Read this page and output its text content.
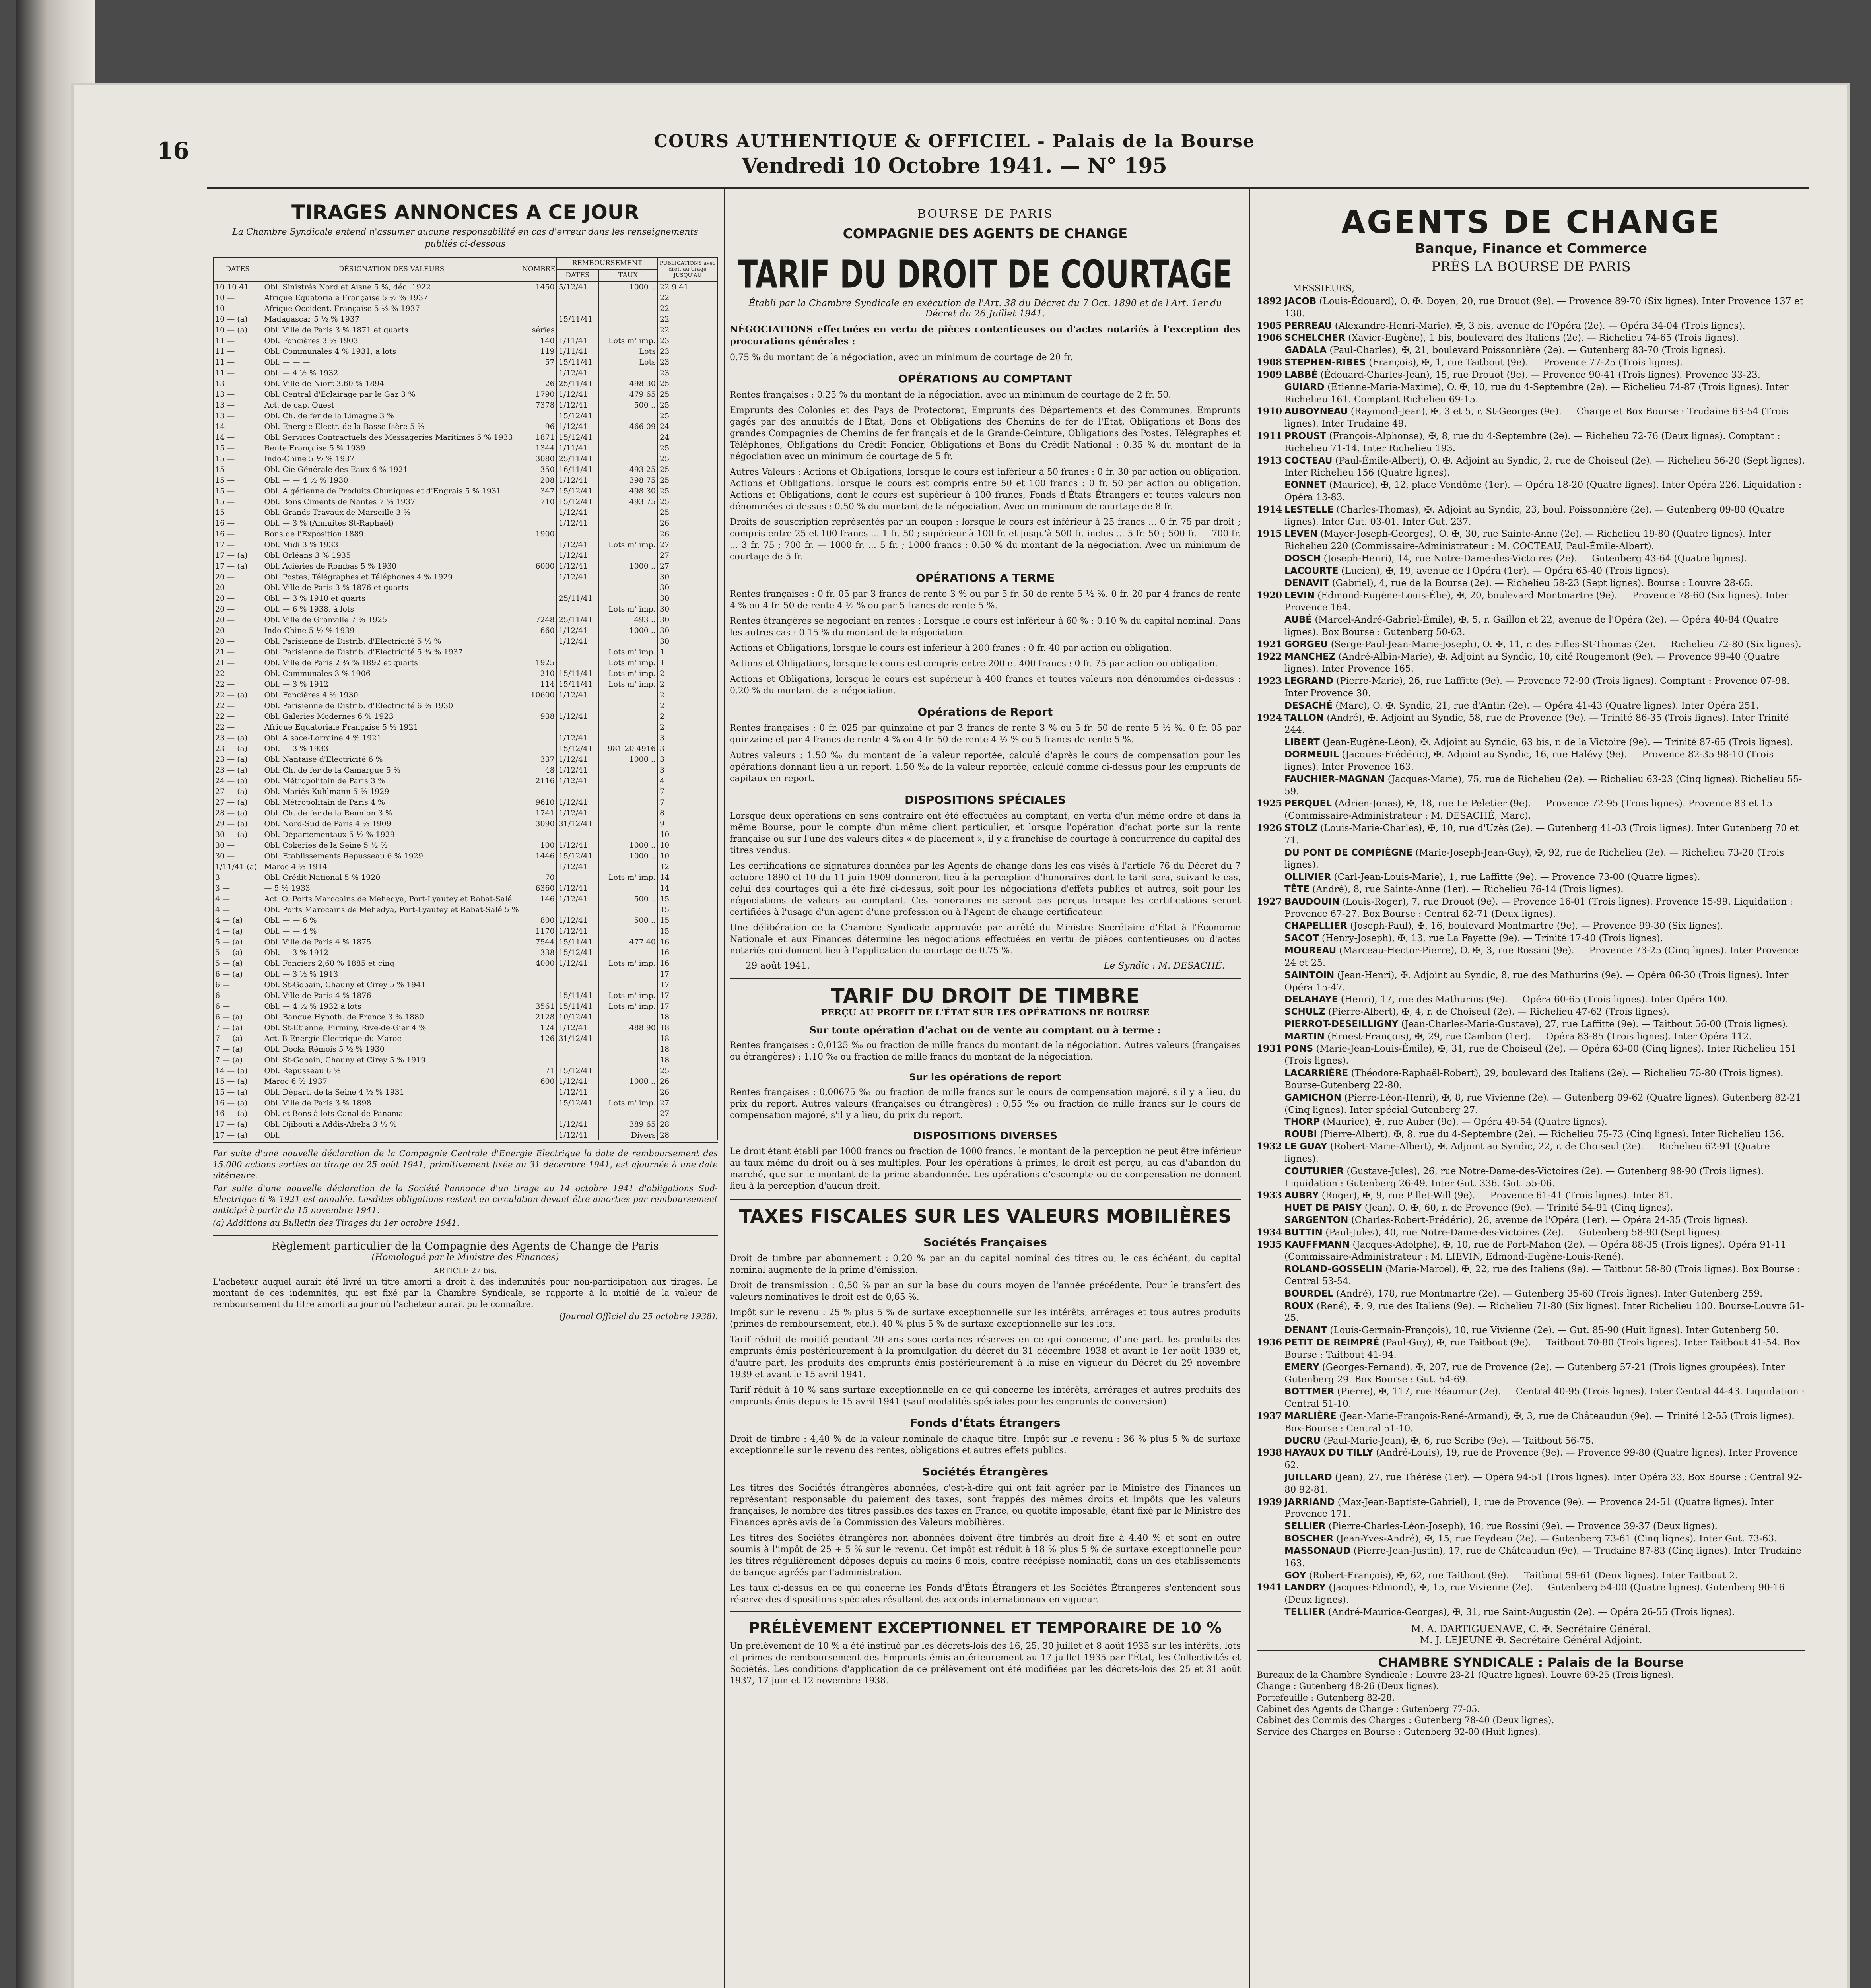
16	COURS AUTHENTIQUE & OFFICIEL - Palais de la Bourse
Vendredi 10 Octobre 1941. — N° 195
TIRAGES ANNONCES A CE JOUR
La Chambre Syndicale entend n'assumer aucune responsabilité en cas d'erreur dans les renseignements publiés ci-dessous
DATES	DÉSIGNATION DES VALEURS	NOMBRE	REMBOURSEMENT		PUBLICATIONS avec droit au tirage JUSQU'AU
			DATES	TAUX	
10 10 41	Obl. Sinistrés Nord et Aisne 5 %, déc. 1922	1450	5/12/41	1000 ..	22 9 41
10 —	Afrique Equatoriale Française 5 ½ % 1937				22
10 —	Afrique Occident. Française 5 ½ % 1937				22
10 — (a)	Madagascar 5 ½ % 1937		15/11/41		22
10 — (a)	Obl. Ville de Paris 3 % 1871 et quarts	séries			22
11 —	Obl. Foncières 3 % 1903	140	1/11/41	Lots m' imp.	23
11 —	Obl. Communales 4 % 1931, à lots	119	1/11/41	Lots	23
11 —	Obl. — — —	57	15/11/41	Lots	23
11 —	Obl. — 4 ½ % 1932		1/12/41		23
13 —	Obl. Ville de Niort 3.60 % 1894	26	25/11/41	498 30	25
13 —	Obl. Central d'Eclairage par le Gaz 3 %	1790	1/12/41	479 65	25
13 —	Act. de cap. Ouest	7378	1/12/41	500 ..	25
13 —	Obl. Ch. de fer de la Limagne 3 %		15/12/41		25
14 —	Obl. Energie Electr. de la Basse-Isère 5 %	96	1/12/41	466 09	24
14 —	Obl. Services Contractuels des Messageries Maritimes 5 % 1933	1871	15/12/41		24
15 —	Rente Française 5 % 1939	1344	1/11/41		25
15 —	Indo-Chine 5 ½ % 1937	3080	25/11/41		25
15 —	Obl. Cie Générale des Eaux 6 % 1921	350	16/11/41	493 25	25
15 —	Obl. — — 4 ½ % 1930	208	1/12/41	398 75	25
15 —	Obl. Algérienne de Produits Chimiques et d'Engrais 5 % 1931	347	15/12/41	498 30	25
15 —	Obl. Bons Ciments de Nantes 7 % 1937	710	15/12/41	493 75	25
15 —	Obl. Grands Travaux de Marseille 3 %		1/12/41		25
16 —	Obl. — 3 % (Annuités St-Raphaël)		1/12/41		26
16 —	Bons de l'Exposition 1889	1900			26
17 —	Obl. Midi 3 % 1933		1/12/41	Lots m' imp.	27
17 — (a)	Obl. Orléans 3 % 1935		1/12/41		27
17 — (a)	Obl. Aciéries de Rombas 5 % 1930	6000	1/12/41	1000 ..	27
20 —	Obl. Postes, Télégraphes et Téléphones 4 % 1929		1/12/41		30
20 —	Obl. Ville de Paris 3 % 1876 et quarts				30
20 —	Obl. — 3 % 1910 et quarts		25/11/41		30
20 —	Obl. — 6 % 1938, à lots			Lots m' imp.	30
20 —	Obl. Ville de Granville 7 % 1925	7248	25/11/41	493 ..	30
20 —	Indo-Chine 5 ½ % 1939	660	1/12/41	1000 ..	30
20 —	Obl. Parisienne de Distrib. d'Electricité 5 ½ %		1/12/41		30
21 —	Obl. Parisienne de Distrib. d'Electricité 5 ¾ % 1937			Lots m' imp.	1
21 —	Obl. Ville de Paris 2 ¾ % 1892 et quarts	1925		Lots m' imp.	1
22 —	Obl. Communales 3 % 1906	210	15/11/41	Lots m' imp.	2
22 —	Obl. — 3 % 1912	114	15/11/41	Lots m' imp.	2
22 — (a)	Obl. Foncières 4 % 1930	10600	1/12/41		2
22 —	Obl. Parisienne de Distrib. d'Electricité 6 % 1930				2
22 —	Obl. Galeries Modernes 6 % 1923	938	1/12/41		2
22 —	Afrique Equatoriale Française 5 % 1921				2
23 — (a)	Obl. Alsace-Lorraine 4 % 1921		1/12/41		3
23 — (a)	Obl. — 3 % 1933		15/12/41	981 20 4916	3
23 — (a)	Obl. Nantaise d'Electricité 6 %	337	1/12/41	1000 ..	3
23 — (a)	Obl. Ch. de fer de la Camargue 5 %	48	1/12/41		3
24 — (a)	Obl. Métropolitain de Paris 3 %	2116	1/12/41		4
27 — (a)	Obl. Mariés-Kuhlmann 5 % 1929				7
27 — (a)	Obl. Métropolitain de Paris 4 %	9610	1/12/41		7
28 — (a)	Obl. Ch. de fer de la Réunion 3 %	1741	1/12/41		8
29 — (a)	Obl. Nord-Sud de Paris 4 % 1909	3090	31/12/41		9
30 — (a)	Obl. Départementaux 5 ½ % 1929				10
30 —	Obl. Cokeries de la Seine 5 ½ %	100	1/12/41	1000 ..	10
30 —	Obl. Etablissements Repusseau 6 % 1929	1446	15/12/41	1000 ..	10
1/11/41 (a)	Maroc 4 % 1914		1/12/41		12
3 —	Obl. Crédit National 5 % 1920	70		Lots m' imp.	14
3 —	— 5 % 1933	6360	1/12/41		14
4 —	Act. O. Ports Marocains de Mehedya, Port-Lyautey et Rabat-Salé	146	1/12/41	500 ..	15
4 —	Obl. Ports Marocains de Mehedya, Port-Lyautey et Rabat-Salé 5 %				15
4 — (a)	Obl. — — 6 %	800	1/12/41	500 ..	15
4 — (a)	Obl. — — 4 %	1170	1/12/41		15
5 — (a)	Obl. Ville de Paris 4 % 1875	7544	15/11/41	477 40	16
5 — (a)	Obl. — 3 % 1912	338	15/12/41		16
5 — (a)	Obl. Fonciers 2,60 % 1885 et cinq	4000	1/12/41	Lots m' imp.	16
6 — (a)	Obl. — 3 ½ % 1913				17
6 —	Obl. St-Gobain, Chauny et Cirey 5 % 1941				17
6 —	Obl. Ville de Paris 4 % 1876		15/11/41	Lots m' imp.	17
6 —	Obl. — 4 ½ % 1932 à lots	3561	15/11/41	Lots m' imp.	17
6 — (a)	Obl. Banque Hypoth. de France 3 % 1880	2128	10/12/41		18
7 — (a)	Obl. St-Etienne, Firminy, Rive-de-Gier 4 %	124	1/12/41	488 90	18
7 — (a)	Act. B Energie Electrique du Maroc	126	31/12/41		18
7 — (a)	Obl. Docks Rémois 5 ½ % 1930				18
7 — (a)	Obl. St-Gobain, Chauny et Cirey 5 % 1919				18
14 — (a)	Obl. Repusseau 6 %	71	15/12/41		25
15 — (a)	Maroc 6 % 1937	600	1/12/41	1000 ..	26
15 — (a)	Obl. Départ. de la Seine 4 ½ % 1931		1/12/41		26
16 — (a)	Obl. Ville de Paris 3 % 1898		15/12/41	Lots m' imp.	27
16 — (a)	Obl. et Bons à lots Canal de Panama				27
17 — (a)	Obl. Djibouti à Addis-Abeba 3 ½ %		1/12/41	389 65	28
17 — (a)	Obl.		1/12/41	Divers	28
Par suite d'une nouvelle déclaration de la Compagnie Centrale d'Energie Electrique la date de remboursement des 15.000 actions sorties au tirage du 25 août 1941, primitivement fixée au 31 décembre 1941, est ajournée à une date ultérieure.
Par suite d'une nouvelle déclaration de la Société l'annonce d'un tirage au 14 octobre 1941 d'obligations Sud-Electrique 6 % 1921 est annulée. Lesdites obligations restant en circulation devant être amorties par remboursement anticipé à partir du 15 novembre 1941.
(a) Additions au Bulletin des Tirages du 1er octobre 1941.
Règlement particulier de la Compagnie des Agents de Change de Paris
(Homologué par le Ministre des Finances)
ARTICLE 27 bis.
L'acheteur auquel aurait été livré un titre amorti a droit à des indemnités pour non-participation aux tirages. Le montant de ces indemnités, qui est fixé par la Chambre Syndicale, se rapporte à la moitié de la valeur de remboursement du titre amorti au jour où l'acheteur aurait pu le connaître.
(Journal Officiel du 25 octobre 1938).
BOURSE DE PARIS
COMPAGNIE DES AGENTS DE CHANGE
TARIF DU DROIT DE COURTAGE
Établi par la Chambre Syndicale en exécution de l'Art. 38 du Décret du 7 Oct. 1890 et de l'Art. 1er du Décret du 26 Juillet 1941.
NÉGOCIATIONS effectuées en vertu de pièces contentieuses ou d'actes notariés à l'exception des procurations générales :
0.75 % du montant de la négociation, avec un minimum de courtage de 20 fr.
OPÉRATIONS AU COMPTANT
Rentes françaises : 0.25 % du montant de la négociation, avec un minimum de courtage de 2 fr. 50.
Emprunts des Colonies et des Pays de Protectorat, Emprunts des Départements et des Communes, Emprunts gagés par des annuités de l'État, Bons et Obligations des Chemins de fer de l'État, Obligations et Bons des grandes Compagnies de Chemins de fer français et de la Grande-Ceinture, Obligations des Postes, Télégraphes et Téléphones, Obligations du Crédit Foncier, Obligations et Bons du Crédit National : 0.35 % du montant de la négociation avec un minimum de courtage de 5 fr.
Autres Valeurs : Actions et Obligations, lorsque le cours est inférieur à 50 francs : 0 fr. 30 par action ou obligation. Actions et Obligations, lorsque le cours est compris entre 50 et 100 francs : 0 fr. 50 par action ou obligation. Actions et Obligations, dont le cours est supérieur à 100 francs, Fonds d'États Étrangers et toutes valeurs non dénommées ci-dessus : 0.50 % du montant de la négociation. Avec un minimum de courtage de 8 fr.
Droits de souscription représentés par un coupon : lorsque le cours est inférieur à 25 francs ... 0 fr. 75 par droit ; compris entre 25 et 100 francs ... 1 fr. 50 ; supérieur à 100 fr. et jusqu'à 500 fr. inclus ... 5 fr. 50 ; 500 fr. — 700 fr. ... 3 fr. 75 ; 700 fr. — 1000 fr. ... 5 fr. ; 1000 francs : 0.50 % du montant de la négociation. Avec un minimum de courtage de 5 fr.
OPÉRATIONS A TERME
Rentes françaises : 0 fr. 05 par 3 francs de rente 3 % ou par 5 fr. 50 de rente 5 ½ %. 0 fr. 20 par 4 francs de rente 4 % ou 4 fr. 50 de rente 4 ½ % ou par 5 francs de rente 5 %.
Rentes étrangères se négociant en rentes : Lorsque le cours est inférieur à 60 % : 0.10 % du capital nominal. Dans les autres cas : 0.15 % du montant de la négociation.
Actions et Obligations, lorsque le cours est inférieur à 200 francs : 0 fr. 40 par action ou obligation.
Actions et Obligations, lorsque le cours est compris entre 200 et 400 francs : 0 fr. 75 par action ou obligation.
Actions et Obligations, lorsque le cours est supérieur à 400 francs et toutes valeurs non dénommées ci-dessus : 0.20 % du montant de la négociation.
Opérations de Report
Rentes françaises : 0 fr. 025 par quinzaine et par 3 francs de rente 3 % ou 5 fr. 50 de rente 5 ½ %. 0 fr. 05 par quinzaine et par 4 francs de rente 4 % ou 4 fr. 50 de rente 4 ½ % ou 5 francs de rente 5 %.
Autres valeurs : 1.50 ‰ du montant de la valeur reportée, calculé d'après le cours de compensation pour les opérations donnant lieu à un report. 1.50 ‰ de la valeur reportée, calculé comme ci-dessus pour les emprunts de capitaux en report.
DISPOSITIONS SPÉCIALES
Lorsque deux opérations en sens contraire ont été effectuées au comptant, en vertu d'un même ordre et dans la même Bourse, pour le compte d'un même client particulier, et lorsque l'opération d'achat porte sur la rente française ou sur l'une des valeurs dites « de placement », il y a franchise de courtage à concurrence du capital des titres vendus.
Les certifications de signatures données par les Agents de change dans les cas visés à l'article 76 du Décret du 7 octobre 1890 et 10 du 11 juin 1909 donneront lieu à la perception d'honoraires dont le tarif sera, suivant le cas, celui des courtages qui a été fixé ci-dessus, soit pour les négociations d'effets publics et autres, soit pour les négociations de valeurs au comptant. Ces honoraires ne seront pas perçus lorsque les certifications seront certifiées à l'usage d'un agent d'une profession ou à l'Agent de change certificateur.
Une délibération de la Chambre Syndicale approuvée par arrêté du Ministre Secrétaire d'État à l'Économie Nationale et aux Finances détermine les négociations effectuées en vertu de pièces contentieuses ou d'actes notariés qui donnent lieu à l'application du courtage de 0.75 %.
29 août 1941.	Le Syndic : M. DESACHÉ.
TARIF DU DROIT DE TIMBRE
PERÇU AU PROFIT DE L'ÉTAT SUR LES OPÉRATIONS DE BOURSE
Sur toute opération d'achat ou de vente au comptant ou à terme :
Rentes françaises : 0,0125 ‰ ou fraction de mille francs du montant de la négociation. Autres valeurs (françaises ou étrangères) : 1,10 ‰ ou fraction de mille francs du montant de la négociation.
Sur les opérations de report
Rentes françaises : 0,00675 ‰ ou fraction de mille francs sur le cours de compensation majoré, s'il y a lieu, du prix du report. Autres valeurs (françaises ou étrangères) : 0,55 ‰ ou fraction de mille francs sur le cours de compensation majoré, s'il y a lieu, du prix du report.
DISPOSITIONS DIVERSES
Le droit étant établi par 1000 francs ou fraction de 1000 francs, le montant de la perception ne peut être inférieur au taux même du droit ou à ses multiples. Pour les opérations à primes, le droit est perçu, au cas d'abandon du marché, que sur le montant de la prime abandonnée. Les opérations d'escompte ou de compensation ne donnent lieu à la perception d'aucun droit.
TAXES FISCALES SUR LES VALEURS MOBILIÈRES
Sociétés Françaises
Droit de timbre par abonnement : 0,20 % par an du capital nominal des titres ou, le cas échéant, du capital nominal augmenté de la prime d'émission.
Droit de transmission : 0,50 % par an sur la base du cours moyen de l'année précédente. Pour le transfert des valeurs nominatives le droit est de 0,65 %.
Impôt sur le revenu : 25 % plus 5 % de surtaxe exceptionnelle sur les intérêts, arrérages et tous autres produits (primes de remboursement, etc.). 40 % plus 5 % de surtaxe exceptionnelle sur les lots.
Tarif réduit de moitié pendant 20 ans sous certaines réserves en ce qui concerne, d'une part, les produits des emprunts émis postérieurement à la promulgation du décret du 31 décembre 1938 et avant le 1er août 1939 et, d'autre part, les produits des emprunts émis postérieurement à la mise en vigueur du Décret du 29 novembre 1939 et avant le 15 avril 1941.
Tarif réduit à 10 % sans surtaxe exceptionnelle en ce qui concerne les intérêts, arrérages et autres produits des emprunts émis depuis le 15 avril 1941 (sauf modalités spéciales pour les emprunts de conversion).
Fonds d'États Étrangers
Droit de timbre : 4,40 % de la valeur nominale de chaque titre. Impôt sur le revenu : 36 % plus 5 % de surtaxe exceptionnelle sur le revenu des rentes, obligations et autres effets publics.
Sociétés Étrangères
Les titres des Sociétés étrangères abonnées, c'est-à-dire qui ont fait agréer par le Ministre des Finances un représentant responsable du paiement des taxes, sont frappés des mêmes droits et impôts que les valeurs françaises, le nombre des titres passibles des taxes en France, ou quotité imposable, étant fixé par le Ministre des Finances après avis de la Commission des Valeurs mobilières.
Les titres des Sociétés étrangères non abonnées doivent être timbrés au droit fixe à 4,40 % et sont en outre soumis à l'impôt de 25 + 5 % sur le revenu. Cet impôt est réduit à 18 % plus 5 % de surtaxe exceptionnelle pour les titres régulièrement déposés depuis au moins 6 mois, contre récépissé nominatif, dans un des établissements de banque agréés par l'administration.
Les taux ci-dessus en ce qui concerne les Fonds d'États Étrangers et les Sociétés Étrangères s'entendent sous réserve des dispositions spéciales résultant des accords internationaux en vigueur.
PRÉLÈVEMENT EXCEPTIONNEL ET TEMPORAIRE DE 10 %
Un prélèvement de 10 % a été institué par les décrets-lois des 16, 25, 30 juillet et 8 août 1935 sur les intérêts, lots et primes de remboursement des Emprunts émis antérieurement au 17 juillet 1935 par l'État, les Collectivités et Sociétés. Les conditions d'application de ce prélèvement ont été modifiées par les décrets-lois des 25 et 31 août 1937, 17 juin et 12 novembre 1938.
AGENTS DE CHANGE
Banque, Finance et Commerce
PRÈS LA BOURSE DE PARIS
MESSIEURS,
1892 JACOB (Louis-Édouard), O. ✠. Doyen, 20, rue Drouot (9e). — Provence 89-70 (Six lignes). Inter Provence 137 et 138.
1905 PERREAU (Alexandre-Henri-Marie). ✠, 3 bis, avenue de l'Opéra (2e). — Opéra 34-04 (Trois lignes).
1906 SCHELCHER (Xavier-Eugène), 1 bis, boulevard des Italiens (2e). — Richelieu 74-65 (Trois lignes).
GADALA (Paul-Charles), ✠, 21, boulevard Poissonnière (2e). — Gutenberg 83-70 (Trois lignes).
1908 STEPHEN-RIBES (François), ✠, 1, rue Taitbout (9e). — Provence 77-25 (Trois lignes).
1909 LABBÉ (Édouard-Charles-Jean), 15, rue Drouot (9e). — Provence 90-41 (Trois lignes). Provence 33-23.
GUIARD (Étienne-Marie-Maxime), O. ✠, 10, rue du 4-Septembre (2e). — Richelieu 74-87 (Trois lignes). Inter Richelieu 161. Comptant Richelieu 69-15.
1910 AUBOYNEAU (Raymond-Jean), ✠, 3 et 5, r. St-Georges (9e). — Charge et Box Bourse : Trudaine 63-54 (Trois lignes). Inter Trudaine 49.
1911 PROUST (François-Alphonse), ✠, 8, rue du 4-Septembre (2e). — Richelieu 72-76 (Deux lignes). Comptant : Richelieu 71-14. Inter Richelieu 193.
1913 COCTEAU (Paul-Émile-Albert), O. ✠. Adjoint au Syndic, 2, rue de Choiseul (2e). — Richelieu 56-20 (Sept lignes). Inter Richelieu 156 (Quatre lignes).
EONNET (Maurice), ✠, 12, place Vendôme (1er). — Opéra 18-20 (Quatre lignes). Inter Opéra 226. Liquidation : Opéra 13-83.
1914 LESTELLE (Charles-Thomas), ✠. Adjoint au Syndic, 23, boul. Poissonnière (2e). — Gutenberg 09-80 (Quatre lignes). Inter Gut. 03-01. Inter Gut. 237.
1915 LEVEN (Mayer-Joseph-Georges), O. ✠, 30, rue Sainte-Anne (2e). — Richelieu 19-80 (Quatre lignes). Inter Richelieu 220 (Commissaire-Administrateur : M. COCTEAU, Paul-Émile-Albert).
DOSCH (Joseph-Henri), 14, rue Notre-Dame-des-Victoires (2e). — Gutenberg 43-64 (Quatre lignes).
LACOURTE (Lucien), ✠, 19, avenue de l'Opéra (1er). — Opéra 65-40 (Trois lignes).
DENAVIT (Gabriel), 4, rue de la Bourse (2e). — Richelieu 58-23 (Sept lignes). Bourse : Louvre 28-65.
1920 LEVIN (Edmond-Eugène-Louis-Élie), ✠, 20, boulevard Montmartre (9e). — Provence 78-60 (Six lignes). Inter Provence 164.
AUBÉ (Marcel-André-Gabriel-Émile), ✠, 5, r. Gaillon et 22, avenue de l'Opéra (2e). — Opéra 40-84 (Quatre lignes). Box Bourse : Gutenberg 50-63.
1921 GORGEU (Serge-Paul-Jean-Marie-Joseph), O. ✠, 11, r. des Filles-St-Thomas (2e). — Richelieu 72-80 (Six lignes).
1922 MANCHEZ (André-Albin-Marie), ✠. Adjoint au Syndic, 10, cité Rougemont (9e). — Provence 99-40 (Quatre lignes). Inter Provence 165.
1923 LEGRAND (Pierre-Marie), 26, rue Laffitte (9e). — Provence 72-90 (Trois lignes). Comptant : Provence 07-98. Inter Provence 30.
DESACHÉ (Marc), O. ✠. Syndic, 21, rue d'Antin (2e). — Opéra 41-43 (Quatre lignes). Inter Opéra 251.
1924 TALLON (André), ✠. Adjoint au Syndic, 58, rue de Provence (9e). — Trinité 86-35 (Trois lignes). Inter Trinité 244.
LIBERT (Jean-Eugène-Léon), ✠. Adjoint au Syndic, 63 bis, r. de la Victoire (9e). — Trinité 87-65 (Trois lignes).
DORMEUIL (Jacques-Frédéric), ✠. Adjoint au Syndic, 16, rue Halévy (9e). — Provence 82-35 98-10 (Trois lignes). Inter Provence 163.
FAUCHIER-MAGNAN (Jacques-Marie), 75, rue de Richelieu (2e). — Richelieu 63-23 (Cinq lignes). Richelieu 55-59.
1925 PERQUEL (Adrien-Jonas), ✠, 18, rue Le Peletier (9e). — Provence 72-95 (Trois lignes). Provence 83 et 15 (Commissaire-Administrateur : M. DESACHÉ, Marc).
1926 STOLZ (Louis-Marie-Charles), ✠, 10, rue d'Uzès (2e). — Gutenberg 41-03 (Trois lignes). Inter Gutenberg 70 et 71.
DU PONT DE COMPIÈGNE (Marie-Joseph-Jean-Guy), ✠, 92, rue de Richelieu (2e). — Richelieu 73-20 (Trois lignes).
OLLIVIER (Carl-Jean-Louis-Marie), 1, rue Laffitte (9e). — Provence 73-00 (Quatre lignes).
TÊTE (André), 8, rue Sainte-Anne (1er). — Richelieu 76-14 (Trois lignes).
1927 BAUDOUIN (Louis-Roger), 7, rue Drouot (9e). — Provence 16-01 (Trois lignes). Provence 15-99. Liquidation : Provence 67-27. Box Bourse : Central 62-71 (Deux lignes).
CHAPELLIER (Joseph-Paul), ✠, 16, boulevard Montmartre (9e). — Provence 99-30 (Six lignes).
SACOT (Henry-Joseph), ✠, 13, rue La Fayette (9e). — Trinité 17-40 (Trois lignes).
MOUREAU (Marceau-Hector-Pierre), O. ✠, 3, rue Rossini (9e). — Provence 73-25 (Cinq lignes). Inter Provence 24 et 25.
SAINTOIN (Jean-Henri), ✠. Adjoint au Syndic, 8, rue des Mathurins (9e). — Opéra 06-30 (Trois lignes). Inter Opéra 15-47.
DELAHAYE (Henri), 17, rue des Mathurins (9e). — Opéra 60-65 (Trois lignes). Inter Opéra 100.
SCHULZ (Pierre-Albert), ✠, 4, r. de Choiseul (2e). — Richelieu 47-62 (Trois lignes).
PIERROT-DESEILLIGNY (Jean-Charles-Marie-Gustave), 27, rue Laffitte (9e). — Taitbout 56-00 (Trois lignes).
MARTIN (Ernest-François), ✠, 29, rue Cambon (1er). — Opéra 83-85 (Trois lignes). Inter Opéra 112.
1931 PONS (Marie-Jean-Louis-Émile), ✠, 31, rue de Choiseul (2e). — Opéra 63-00 (Cinq lignes). Inter Richelieu 151 (Trois lignes).
LACARRIÈRE (Théodore-Raphaël-Robert), 29, boulevard des Italiens (2e). — Richelieu 75-80 (Trois lignes). Bourse-Gutenberg 22-80.
GAMICHON (Pierre-Léon-Henri), ✠, 8, rue Vivienne (2e). — Gutenberg 09-62 (Quatre lignes). Gutenberg 82-21 (Cinq lignes). Inter spécial Gutenberg 27.
THORP (Maurice), ✠, rue Auber (9e). — Opéra 49-54 (Quatre lignes).
ROUBI (Pierre-Albert), ✠, 8, rue du 4-Septembre (2e). — Richelieu 75-73 (Cinq lignes). Inter Richelieu 136.
1932 LE GUAY (Robert-Marie-Albert), ✠. Adjoint au Syndic, 22, r. de Choiseul (2e). — Richelieu 62-91 (Quatre lignes).
COUTURIER (Gustave-Jules), 26, rue Notre-Dame-des-Victoires (2e). — Gutenberg 98-90 (Trois lignes). Liquidation : Gutenberg 26-49. Inter Gut. 336. Gut. 55-06.
1933 AUBRY (Roger), ✠, 9, rue Pillet-Will (9e). — Provence 61-41 (Trois lignes). Inter 81.
HUET DE PAISY (Jean), O. ✠, 60, r. de Provence (9e). — Trinité 54-91 (Cinq lignes).
SARGENTON (Charles-Robert-Frédéric), 26, avenue de l'Opéra (1er). — Opéra 24-35 (Trois lignes).
1934 BUTTIN (Paul-Jules), 40, rue Notre-Dame-des-Victoires (2e). — Gutenberg 58-90 (Sept lignes).
1935 KAUFFMANN (Jacques-Adolphe), ✠, 10, rue de Port-Mahon (2e). — Opéra 88-35 (Trois lignes). Opéra 91-11 (Commissaire-Administrateur : M. LIEVIN, Edmond-Eugène-Louis-René).
ROLAND-GOSSELIN (Marie-Marcel), ✠, 22, rue des Italiens (9e). — Taitbout 58-80 (Trois lignes). Box Bourse : Central 53-54.
BOURDEL (André), 178, rue Montmartre (2e). — Gutenberg 35-60 (Trois lignes). Inter Gutenberg 259.
ROUX (René), ✠, 9, rue des Italiens (9e). — Richelieu 71-80 (Six lignes). Inter Richelieu 100. Bourse-Louvre 51-25.
DENANT (Louis-Germain-François), 10, rue Vivienne (2e). — Gut. 85-90 (Huit lignes). Inter Gutenberg 50.
1936 PETIT DE REIMPRÉ (Paul-Guy), ✠, rue Taitbout (9e). — Taitbout 70-80 (Trois lignes). Inter Taitbout 41-54. Box Bourse : Taitbout 41-94.
EMERY (Georges-Fernand), ✠, 207, rue de Provence (2e). — Gutenberg 57-21 (Trois lignes groupées). Inter Gutenberg 29. Box Bourse : Gut. 54-69.
BOTTMER (Pierre), ✠, 117, rue Réaumur (2e). — Central 40-95 (Trois lignes). Inter Central 44-43. Liquidation : Central 51-10.
1937 MARLIÈRE (Jean-Marie-François-René-Armand), ✠, 3, rue de Châteaudun (9e). — Trinité 12-55 (Trois lignes). Box-Bourse : Central 51-10.
DUCRU (Paul-Marie-Jean), ✠, 6, rue Scribe (9e). — Taitbout 56-75.
1938 HAYAUX DU TILLY (André-Louis), 19, rue de Provence (9e). — Provence 99-80 (Quatre lignes). Inter Provence 62.
JUILLARD (Jean), 27, rue Thérèse (1er). — Opéra 94-51 (Trois lignes). Inter Opéra 33. Box Bourse : Central 92-80 92-81.
1939 JARRIAND (Max-Jean-Baptiste-Gabriel), 1, rue de Provence (9e). — Provence 24-51 (Quatre lignes). Inter Provence 171.
SELLIER (Pierre-Charles-Léon-Joseph), 16, rue Rossini (9e). — Provence 39-37 (Deux lignes).
BOSCHER (Jean-Yves-André), ✠, 15, rue Feydeau (2e). — Gutenberg 73-61 (Cinq lignes). Inter Gut. 73-63.
MASSONAUD (Pierre-Jean-Justin), 17, rue de Châteaudun (9e). — Trudaine 87-83 (Cinq lignes). Inter Trudaine 163.
GOY (Robert-François), ✠, 62, rue Taitbout (9e). — Taitbout 59-61 (Deux lignes). Inter Taitbout 2.
1941 LANDRY (Jacques-Edmond), ✠, 15, rue Vivienne (2e). — Gutenberg 54-00 (Quatre lignes). Gutenberg 90-16 (Deux lignes).
TELLIER (André-Maurice-Georges), ✠, 31, rue Saint-Augustin (2e). — Opéra 26-55 (Trois lignes).
M. A. DARTIGUENAVE, C. ✠. Secrétaire Général.
M. J. LEJEUNE ✠. Secrétaire Général Adjoint.
CHAMBRE SYNDICALE : Palais de la Bourse
Bureaux de la Chambre Syndicale : Louvre 23-21 (Quatre lignes). Louvre 69-25 (Trois lignes).
Change : Gutenberg 48-26 (Deux lignes).
Portefeuille : Gutenberg 82-28.
Cabinet des Agents de Change : Gutenberg 77-05.
Cabinet des Commis des Charges : Gutenberg 78-40 (Deux lignes).
Service des Charges en Bourse : Gutenberg 92-00 (Huit lignes).
